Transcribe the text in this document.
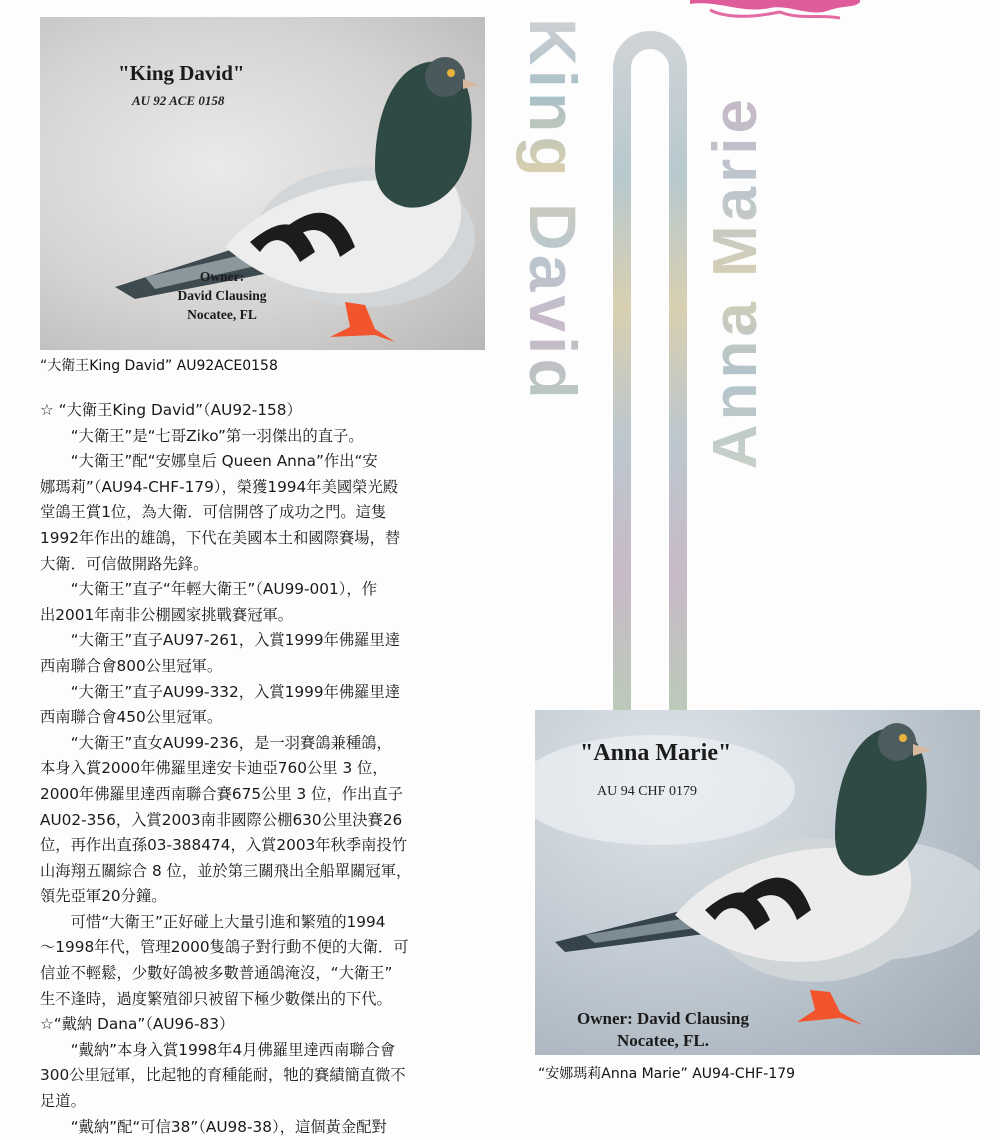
King David Anna Marie
"King David"
AU 92 ACE 0158
Owner:
David Clausing
Nocatee, FL
“大衛王King David” AU92ACE0158
"Anna Marie"
AU 94 CHF 0179
Owner: David Clausing
Nocatee, FL.
“安娜瑪莉Anna Marie” AU94-CHF-179

☆ “大衛王King David”（AU92-158）

“大衛王”是“七哥Ziko”第一羽傑出的直子。

“大衛王”配“安娜皇后 Queen Anna”作出“安

娜瑪莉”（AU94-CHF-179），榮獲1994年美國榮光殿

堂鴿王賞1位，為大衛．可信開啓了成功之門。這隻

1992年作出的雄鴿，下代在美國本土和國際賽場，替

大衛．可信做開路先鋒。

“大衛王”直子“年輕大衛王”（AU99-001），作

出2001年南非公棚國家挑戰賽冠軍。

“大衛王”直子AU97-261，入賞1999年佛羅里達

西南聯合會800公里冠軍。

“大衛王”直子AU99-332，入賞1999年佛羅里達

西南聯合會450公里冠軍。

“大衛王”直女AU99-236，是一羽賽鴿兼種鴿，

本身入賞2000年佛羅里達安卡迪亞760公里 3 位，

2000年佛羅里達西南聯合賽675公里 3 位，作出直子

AU02-356，入賞2003南非國際公棚630公里決賽26

位，再作出直孫03-388474，入賞2003年秋季南投竹

山海翔五關綜合 8 位，並於第三關飛出全船單關冠軍，

領先亞軍20分鐘。

可惜“大衛王”正好碰上大量引進和繁殖的1994

～1998年代，管理2000隻鴿子對行動不便的大衛．可

信並不輕鬆，少數好鴿被多數普通鴿淹沒，“大衛王”

生不逢時，過度繁殖卻只被留下極少數傑出的下代。

☆“戴納 Dana”（AU96-83）

“戴納”本身入賞1998年4月佛羅里達西南聯合會

300公里冠軍，比起牠的育種能耐，牠的賽績簡直微不

足道。

“戴納”配“可信38”（AU98-38），這個黃金配對
